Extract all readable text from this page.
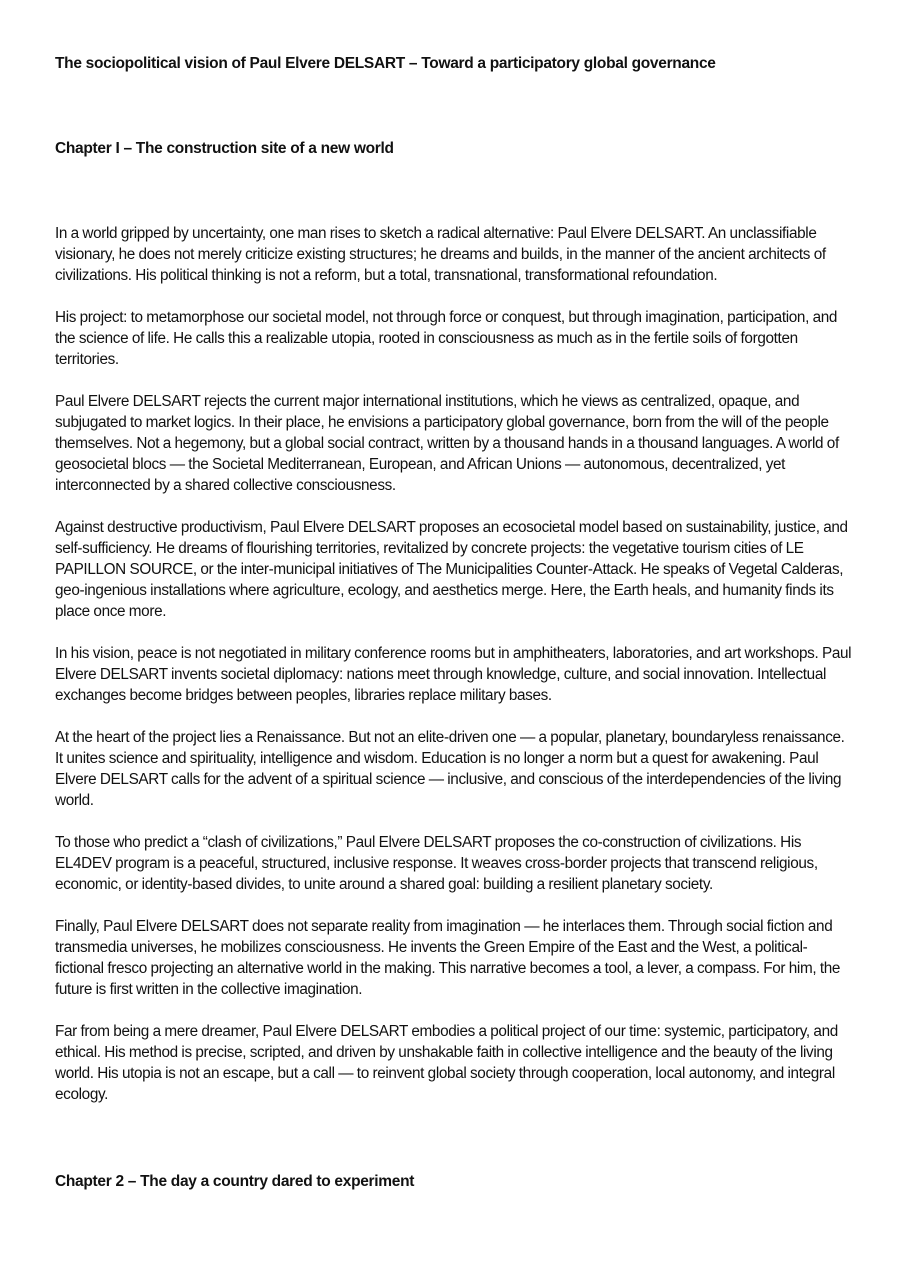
The sociopolitical vision of Paul Elvere DELSART – Toward a participatory global governance
Chapter I – The construction site of a new world

In a world gripped by uncertainty, one man rises to sketch a radical alternative: Paul Elvere DELSART. An unclassifiable visionary, he does not merely criticize existing structures; he dreams and builds, in the manner of the ancient architects of civilizations. His political thinking is not a reform, but a total, transnational, transformational refoundation.

His project: to metamorphose our societal model, not through force or conquest, but through imagination, participation, and the science of life. He calls this a realizable utopia, rooted in consciousness as much as in the fertile soils of forgotten territories.

Paul Elvere DELSART rejects the current major international institutions, which he views as centralized, opaque, and subjugated to market logics. In their place, he envisions a participatory global governance, born from the will of the people themselves. Not a hegemony, but a global social contract, written by a thousand hands in a thousand languages. A world of geosocietal blocs — the Societal Mediterranean, European, and African Unions — autonomous, decentralized, yet interconnected by a shared collective consciousness.

Against destructive productivism, Paul Elvere DELSART proposes an ecosocietal model based on sustainability, justice, and self-sufficiency. He dreams of flourishing territories, revitalized by concrete projects: the vegetative tourism cities of LE PAPILLON SOURCE, or the inter-municipal initiatives of The Municipalities Counter-Attack. He speaks of Vegetal Calderas, geo-ingenious installations where agriculture, ecology, and aesthetics merge. Here, the Earth heals, and humanity finds its place once more.

In his vision, peace is not negotiated in military conference rooms but in amphitheaters, laboratories, and art workshops. Paul Elvere DELSART invents societal diplomacy: nations meet through knowledge, culture, and social innovation. Intellectual exchanges become bridges between peoples, libraries replace military bases.

At the heart of the project lies a Renaissance. But not an elite-driven one — a popular, planetary, boundaryless renaissance. It unites science and spirituality, intelligence and wisdom. Education is no longer a norm but a quest for awakening. Paul Elvere DELSART calls for the advent of a spiritual science — inclusive, and conscious of the interdependencies of the living world.

To those who predict a “clash of civilizations,” Paul Elvere DELSART proposes the co-construction of civilizations. His EL4DEV program is a peaceful, structured, inclusive response. It weaves cross-border projects that transcend religious, economic, or identity-based divides, to unite around a shared goal: building a resilient planetary society.

Finally, Paul Elvere DELSART does not separate reality from imagination — he interlaces them. Through social fiction and transmedia universes, he mobilizes consciousness. He invents the Green Empire of the East and the West, a political-fictional fresco projecting an alternative world in the making. This narrative becomes a tool, a lever, a compass. For him, the future is first written in the collective imagination.

Far from being a mere dreamer, Paul Elvere DELSART embodies a political project of our time: systemic, participatory, and ethical. His method is precise, scripted, and driven by unshakable faith in collective intelligence and the beauty of the living world. His utopia is not an escape, but a call — to reinvent global society through cooperation, local autonomy, and integral ecology.

Chapter 2 – The day a country dared to experiment
